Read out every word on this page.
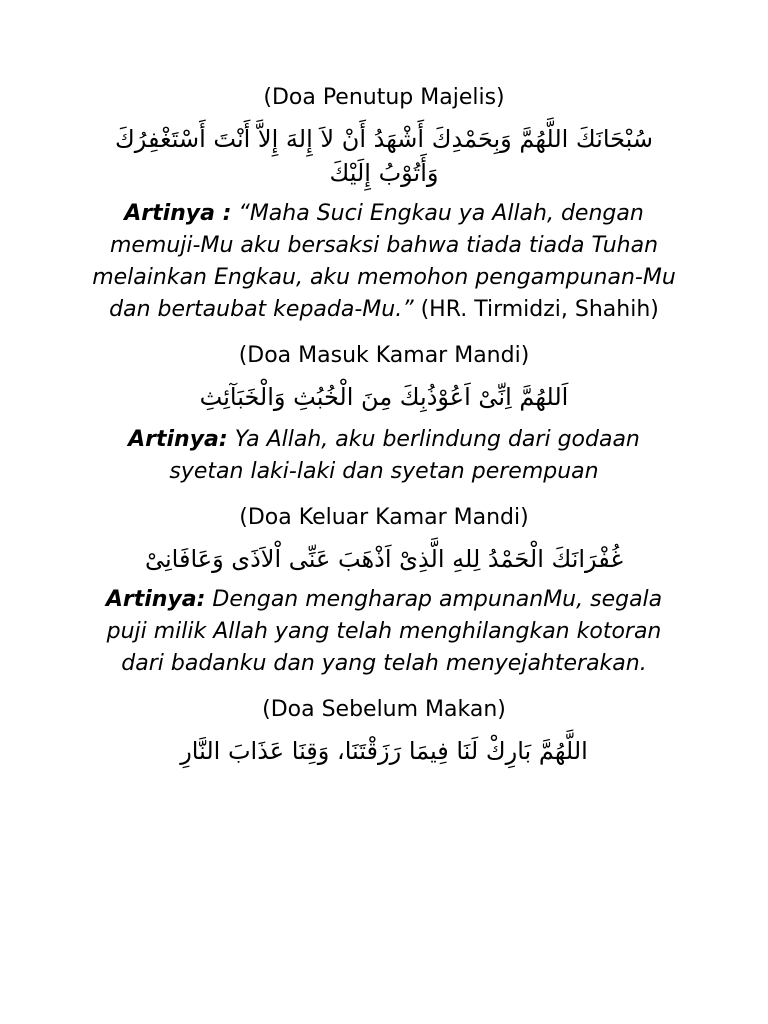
(Doa Penutup Majelis)
سُبْحَانَكَ اللَّهُمَّ وَبِحَمْدِكَ أَشْهَدُ أَنْ لاَ إِلهَ إِلاَّ أَنْتَ أَسْتَغْفِرُكَ وَأَتُوْبُ إِلَيْكَ
Artinya : “Maha Suci Engkau ya Allah, dengan memuji-Mu aku bersaksi bahwa tiada tiada Tuhan melainkan Engkau, aku memohon pengampunan-Mu dan bertaubat kepada-Mu.” (HR. Tirmidzi, Shahih)
(Doa Masuk Kamar Mandi)
اَللهُمَّ اِنِّىْ اَعُوْذُبِكَ مِنَ الْخُبُثِ وَالْخَبَآئِثِ
Artinya: Ya Allah, aku berlindung dari godaan syetan laki-laki dan syetan perempuan
(Doa Keluar Kamar Mandi)
غُفْرَانَكَ الْحَمْدُ لِلهِ الَّذِىْ اَذْهَبَ عَنِّى اْلاَذَى وَعَافَانِىْ
Artinya: Dengan mengharap ampunanMu, segala puji milik Allah yang telah menghilangkan kotoran dari badanku dan yang telah menyejahterakan.
(Doa Sebelum Makan)
اللَّهُمَّ بَارِكْ لَنَا فِيمَا رَزَقْتَنَا، وَقِنَا عَذَابَ النَّارِ
